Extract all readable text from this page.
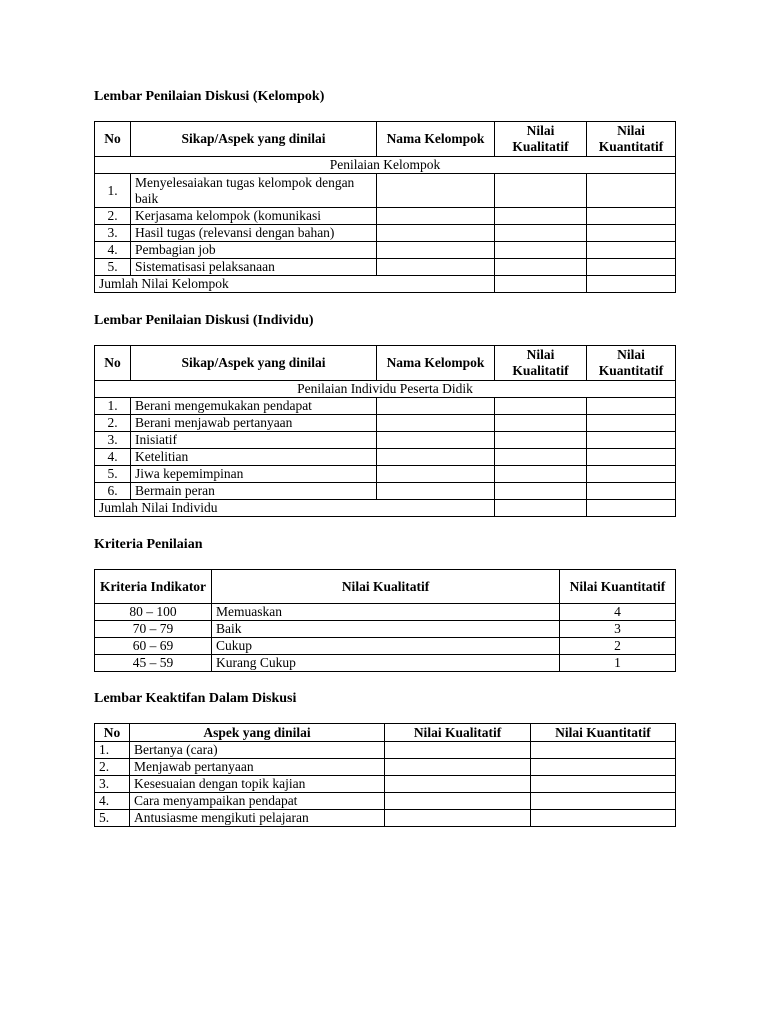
Lembar Penilaian Diskusi (Kelompok)
No	Sikap/Aspek yang dinilai	Nama Kelompok	Nilai Kualitatif	Nilai Kuantitatif
Penilaian Kelompok				
1.	Menyelesaiakan tugas kelompok dengan baik			
2.	Kerjasama kelompok (komunikasi			
3.	Hasil tugas (relevansi dengan bahan)			
4.	Pembagian job			
5.	Sistematisasi pelaksanaan			
Jumlah Nilai Kelompok				
Lembar Penilaian Diskusi (Individu)
No	Sikap/Aspek yang dinilai	Nama Kelompok	Nilai Kualitatif	Nilai Kuantitatif
Penilaian Individu Peserta Didik				
1.	Berani mengemukakan pendapat			
2.	Berani menjawab pertanyaan			
3.	Inisiatif			
4.	Ketelitian			
5.	Jiwa kepemimpinan			
6.	Bermain peran			
Jumlah Nilai Individu				
Kriteria Penilaian
Kriteria Indikator	Nilai Kualitatif	Nilai Kuantitatif
80 – 100	Memuaskan	4
70 – 79	Baik	3
60 – 69	Cukup	2
45 – 59	Kurang Cukup	1
Lembar Keaktifan Dalam Diskusi
No	Aspek yang dinilai	Nilai Kualitatif	Nilai Kuantitatif
1.	Bertanya (cara)		
2.	Menjawab pertanyaan		
3.	Kesesuaian dengan topik kajian		
4.	Cara menyampaikan pendapat		
5.	Antusiasme mengikuti pelajaran		
